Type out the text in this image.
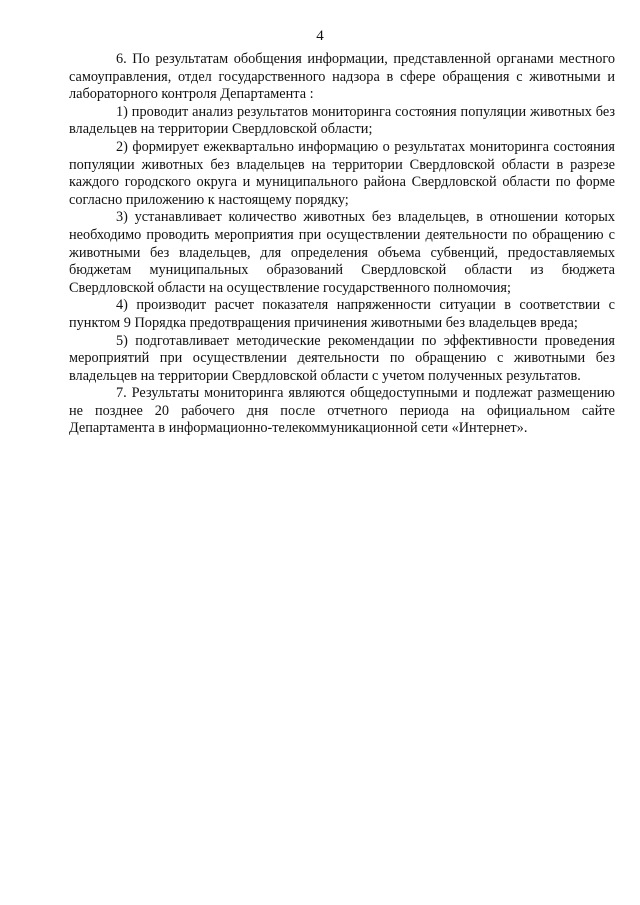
4

6. По результатам обобщения информации, представленной органами местного самоуправления, отдел государственного надзора в сфере обращения с животными и лабораторного контроля Департамента :

1) проводит анализ результатов мониторинга состояния популяции животных без владельцев на территории Свердловской области;

2) формирует ежеквартально информацию о результатах мониторинга состояния популяции животных без владельцев на территории Свердловской области в разрезе каждого городского округа и муниципального района Свердловской области по форме согласно приложению к настоящему порядку;

3) устанавливает количество животных без владельцев, в отношении которых необходимо проводить мероприятия при осуществлении деятельности по обращению с животными без владельцев, для определения объема субвенций, предоставляемых бюджетам муниципальных образований Свердловской области из бюджета Свердловской области на осуществление государственного полномочия;

4) производит расчет показателя напряженности ситуации в соответствии с пунктом 9 Порядка предотвращения причинения животными без владельцев вреда;

5) подготавливает методические рекомендации по эффективности проведения мероприятий при осуществлении деятельности по обращению с животными без владельцев на территории Свердловской области с учетом полученных результатов.

7. Результаты мониторинга являются общедоступными и подлежат размещению не позднее 20 рабочего дня после отчетного периода на официальном сайте Департамента в информационно-телекоммуникационной сети «Интернет».
